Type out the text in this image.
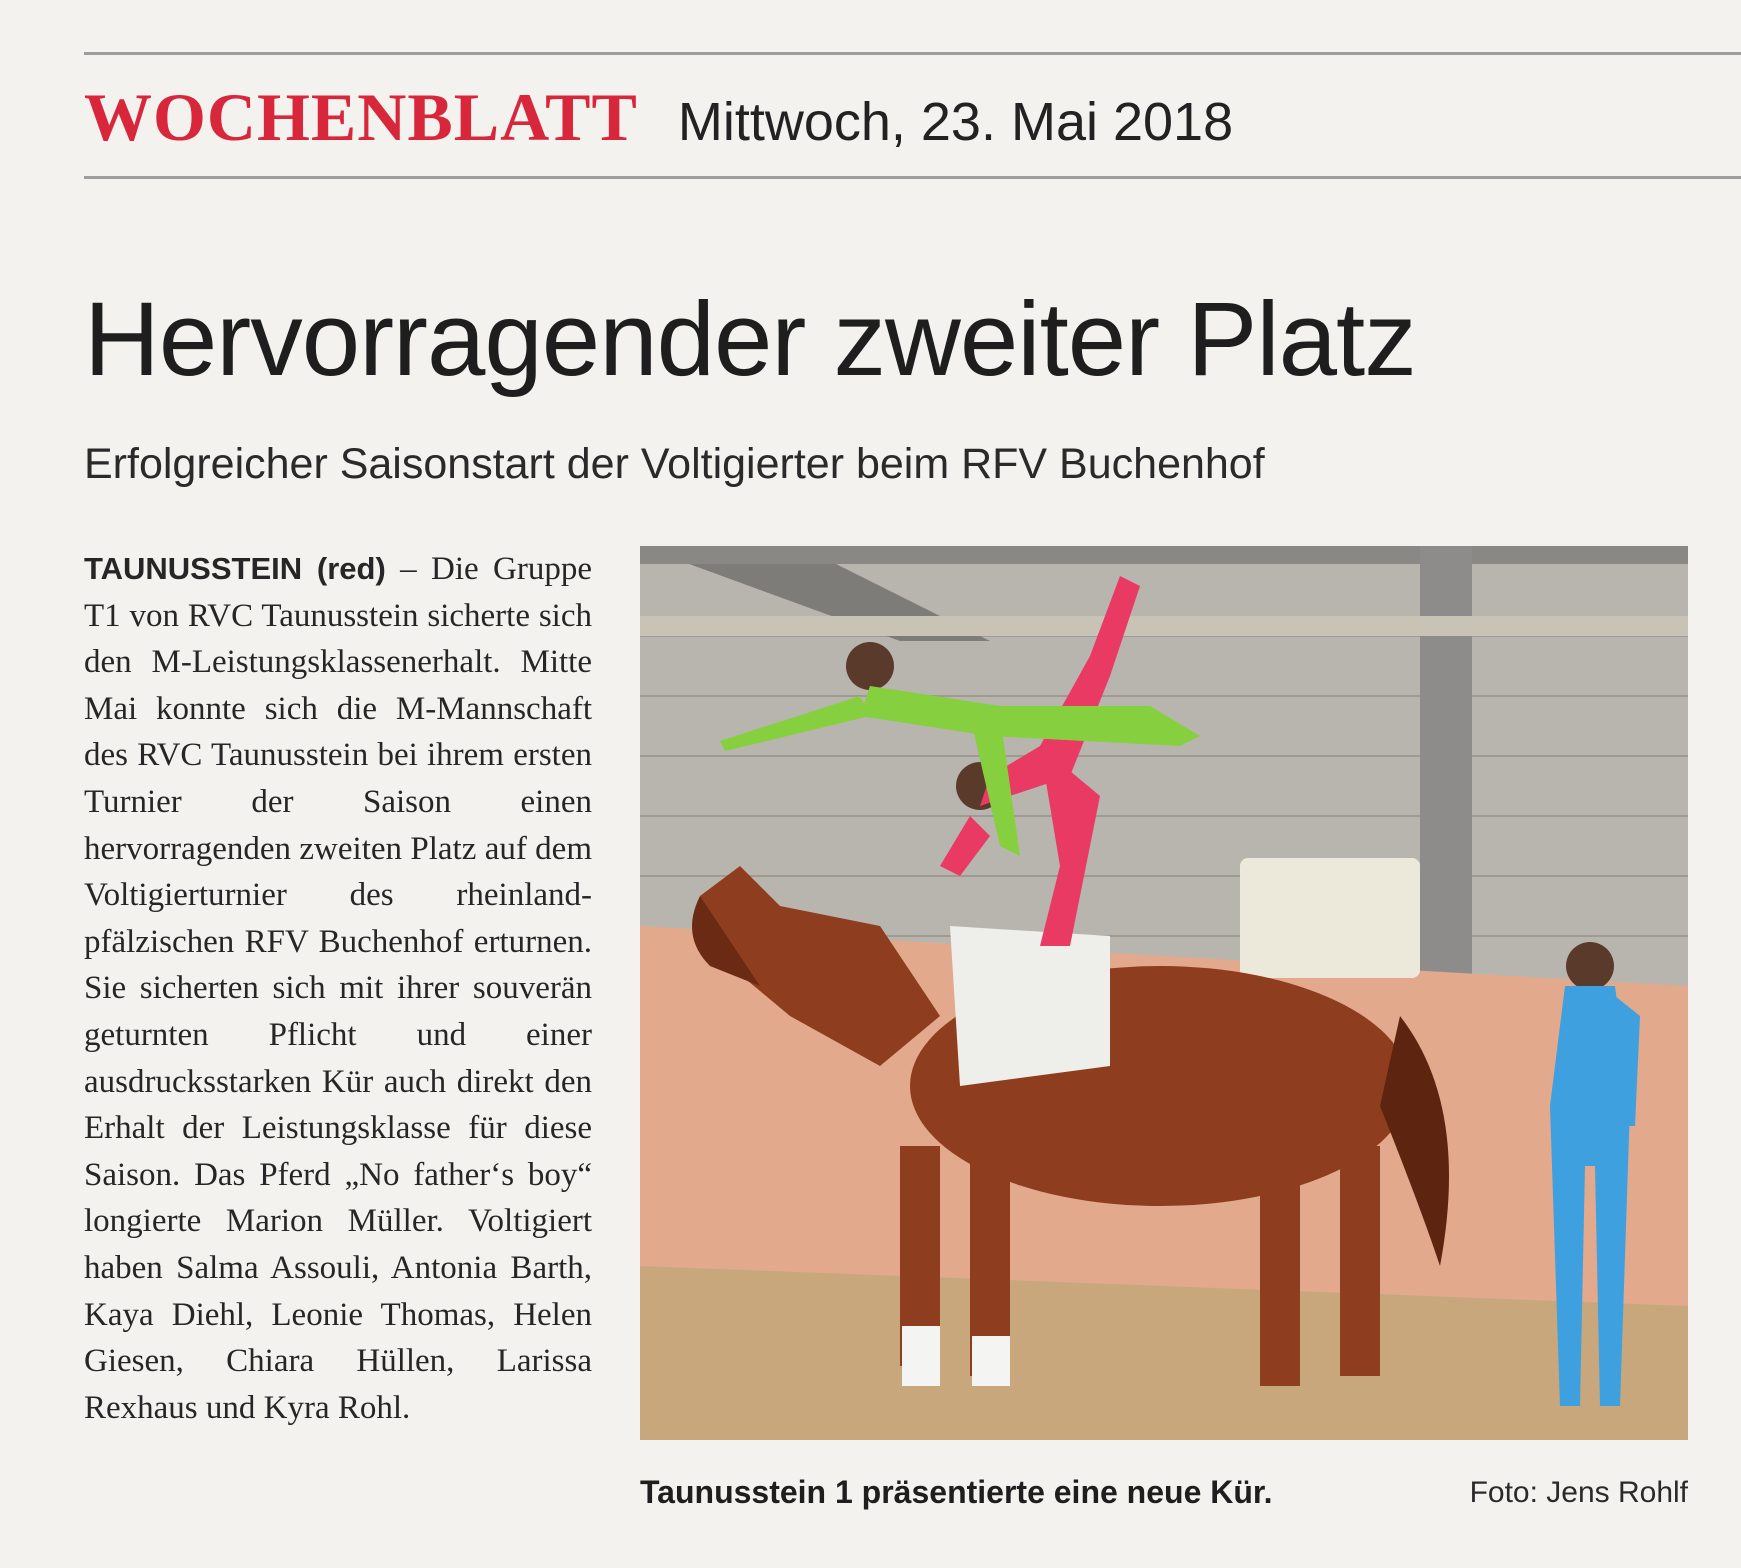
WOCHENBLATT Mittwoch, 23. Mai 2018
Hervorragender zweiter Platz
Erfolgreicher Saisonstart der Voltigierter beim RFV Buchenhof
TAUNUSSTEIN (red) – Die Gruppe T1 von RVC Taunusstein sicherte sich den M-Leistungsklassenerhalt. Mitte Mai konnte sich die M-Mannschaft des RVC Taunusstein bei ihrem ersten Turnier der Saison einen hervorragenden zweiten Platz auf dem Voltigierturnier des rheinland-pfälzischen RFV Buchenhof erturnen. Sie sicherten sich mit ihrer souverän geturnten Pflicht und einer ausdrucksstarken Kür auch direkt den Erhalt der Leistungsklasse für diese Saison. Das Pferd „No father‘s boy“ longierte Marion Müller. Voltigiert haben Salma Assouli, Antonia Barth, Kaya Diehl, Leonie Thomas, Helen Giesen, Chiara Hüllen, Larissa Rexhaus und Kyra Rohl.
Taunusstein 1 präsentierte eine neue Kür.	Foto: Jens Rohlf
